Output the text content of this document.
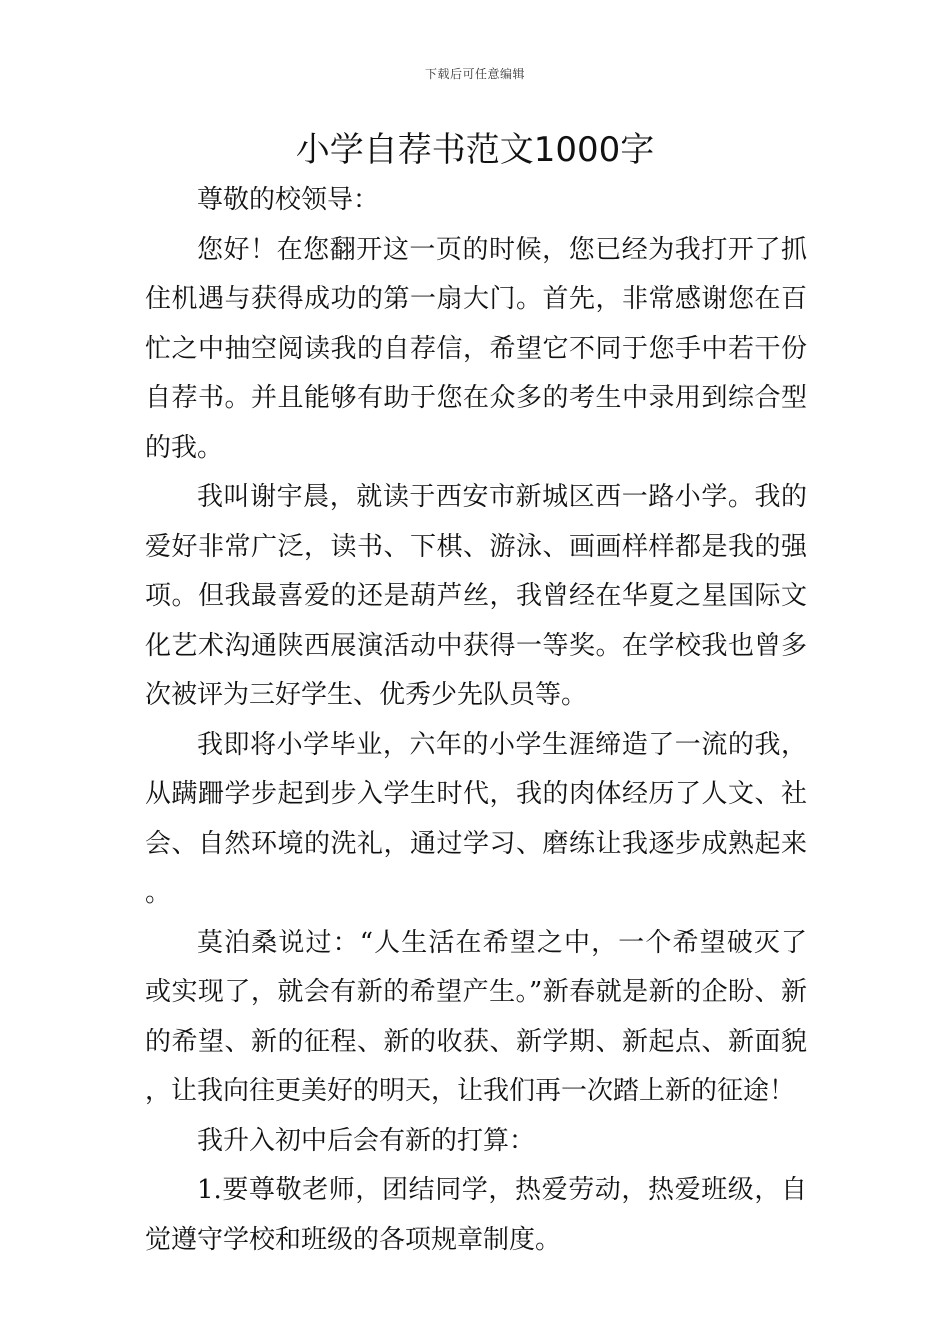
下载后可任意编辑
小学自荐书范文1000字

尊敬的校领导：

您好！在您翻开这一页的时候，您已经为我打开了抓住机遇与获得成功的第一扇大门。首先，非常感谢您在百忙之中抽空阅读我的自荐信，希望它不同于您手中若干份自荐书。并且能够有助于您在众多的考生中录用到综合型的我。

我叫谢宇晨，就读于西安市新城区西一路小学。我的爱好非常广泛，读书、下棋、游泳、画画样样都是我的强项。但我最喜爱的还是葫芦丝，我曾经在华夏之星国际文化艺术沟通陕西展演活动中获得一等奖。在学校我也曾多次被评为三好学生、优秀少先队员等。

我即将小学毕业，六年的小学生涯缔造了一流的我，从蹒跚学步起到步入学生时代，我的肉体经历了人文、社会、自然环境的洗礼，通过学习、磨练让我逐步成熟起来。

莫泊桑说过：“人生活在希望之中，一个希望破灭了或实现了，就会有新的希望产生。”新春就是新的企盼、新的希望、新的征程、新的收获、新学期、新起点、新面貌，让我向往更美好的明天，让我们再一次踏上新的征途！

我升入初中后会有新的打算：

1.要尊敬老师，团结同学，热爱劳动，热爱班级，自觉遵守学校和班级的各项规章制度。
